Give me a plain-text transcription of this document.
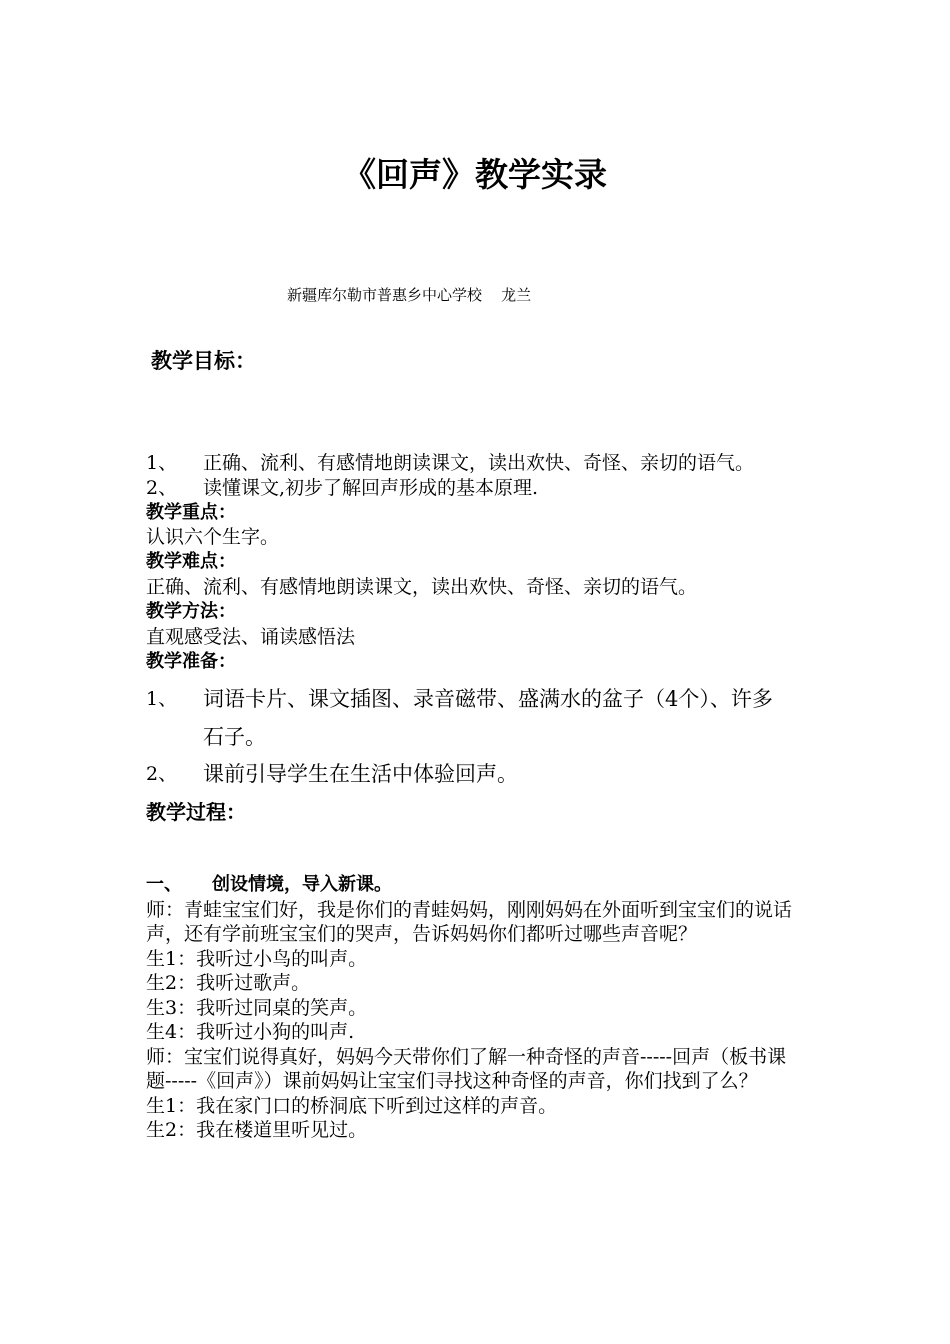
《回声》教学实录
新疆库尔勒市普惠乡中心学校    龙兰
教学目标：
1、 正确、流利、有感情地朗读课文，读出欢快、奇怪、亲切的语气。
2、 读懂课文,初步了解回声形成的基本原理.
教学重点：
认识六个生字。
教学难点：
正确、流利、有感情地朗读课文，读出欢快、奇怪、亲切的语气。
教学方法：
直观感受法、诵读感悟法
教学准备：
1、 词语卡片、课文插图、录音磁带、盛满水的盆子（4个）、许多
石子。
2、 课前引导学生在生活中体验回声。
教学过程：
一、 创设情境，导入新课。
师：青蛙宝宝们好，我是你们的青蛙妈妈，刚刚妈妈在外面听到宝宝们的说话声，还有学前班宝宝们的哭声，告诉妈妈你们都听过哪些声音呢？
生1：我听过小鸟的叫声。
生2：我听过歌声。
生3：我听过同桌的笑声。
生4：我听过小狗的叫声.
师：宝宝们说得真好，妈妈今天带你们了解一种奇怪的声音-----回声（板书课题-----《回声》）课前妈妈让宝宝们寻找这种奇怪的声音，你们找到了么？
生1：我在家门口的桥洞底下听到过这样的声音。
生2：我在楼道里听见过。
